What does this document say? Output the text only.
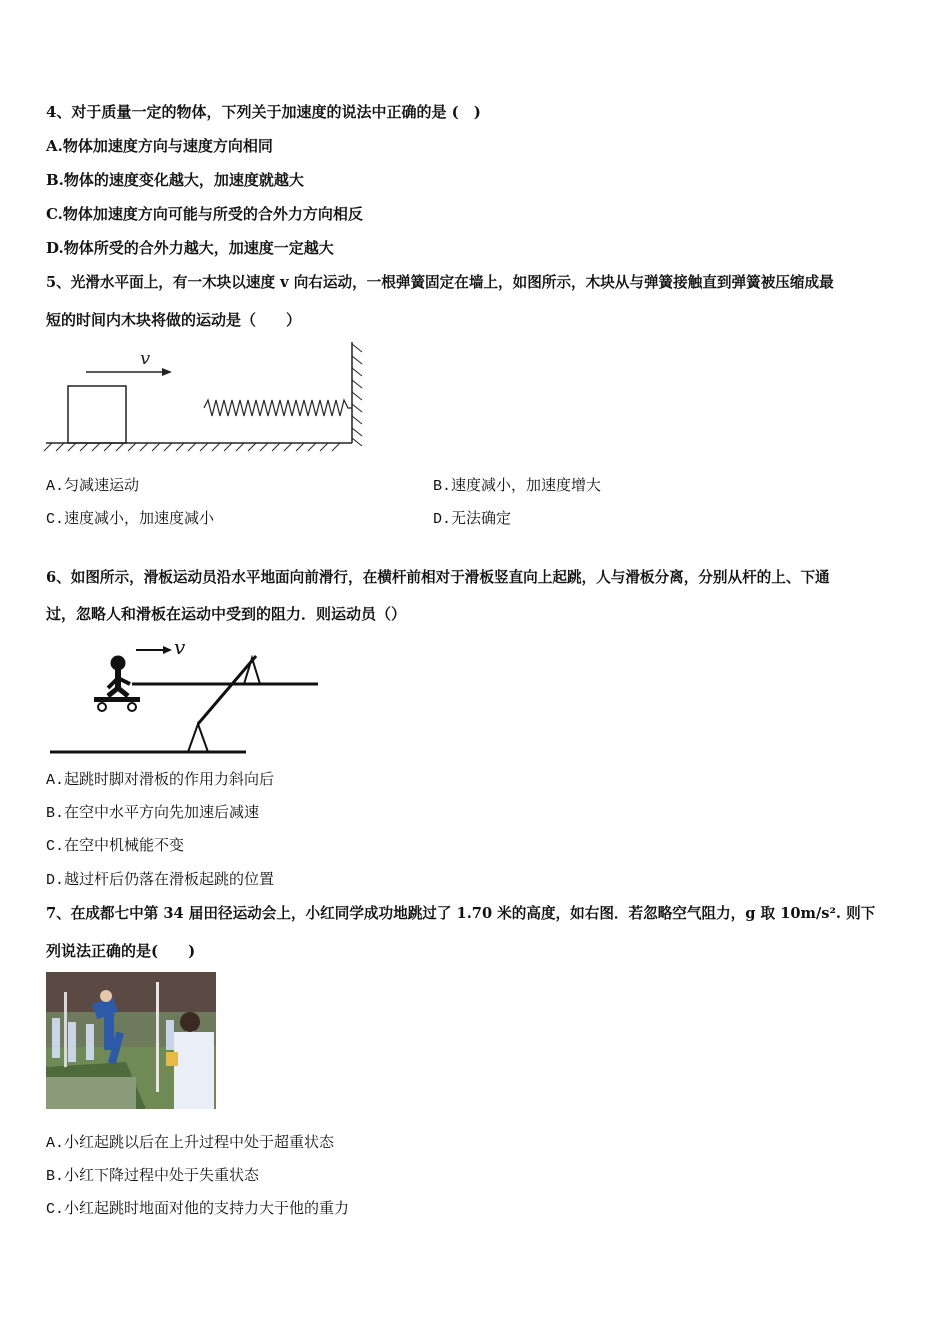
4、对于质量一定的物体，下列关于加速度的说法中正确的是 (　)
A.物体加速度方向与速度方向相同
B.物体的速度变化越大，加速度就越大
C.物体加速度方向可能与所受的合外力方向相反
D.物体所受的合外力越大，加速度一定越大
5、光滑水平面上，有一木块以速度 v 向右运动，一根弹簧固定在墙上，如图所示，木块从与弹簧接触直到弹簧被压缩成最
短的时间内木块将做的运动是（　　）
v
A.匀减速运动	B.速度减小，加速度增大
C.速度减小，加速度减小	D.无法确定
6、如图所示，滑板运动员沿水平地面向前滑行，在横杆前相对于滑板竖直向上起跳，人与滑板分离，分别从杆的上、下通
过，忽略人和滑板在运动中受到的阻力．则运动员（）
v
A.起跳时脚对滑板的作用力斜向后
B.在空中水平方向先加速后减速
C.在空中机械能不变
D.越过杆后仍落在滑板起跳的位置
7、在成都七中第 34 届田径运动会上，小红同学成功地跳过了 1.70 米的高度，如右图．若忽略空气阻力，g 取 10m/s². 则下
列说法正确的是(　　)
A.小红起跳以后在上升过程中处于超重状态
B.小红下降过程中处于失重状态
C.小红起跳时地面对他的支持力大于他的重力
